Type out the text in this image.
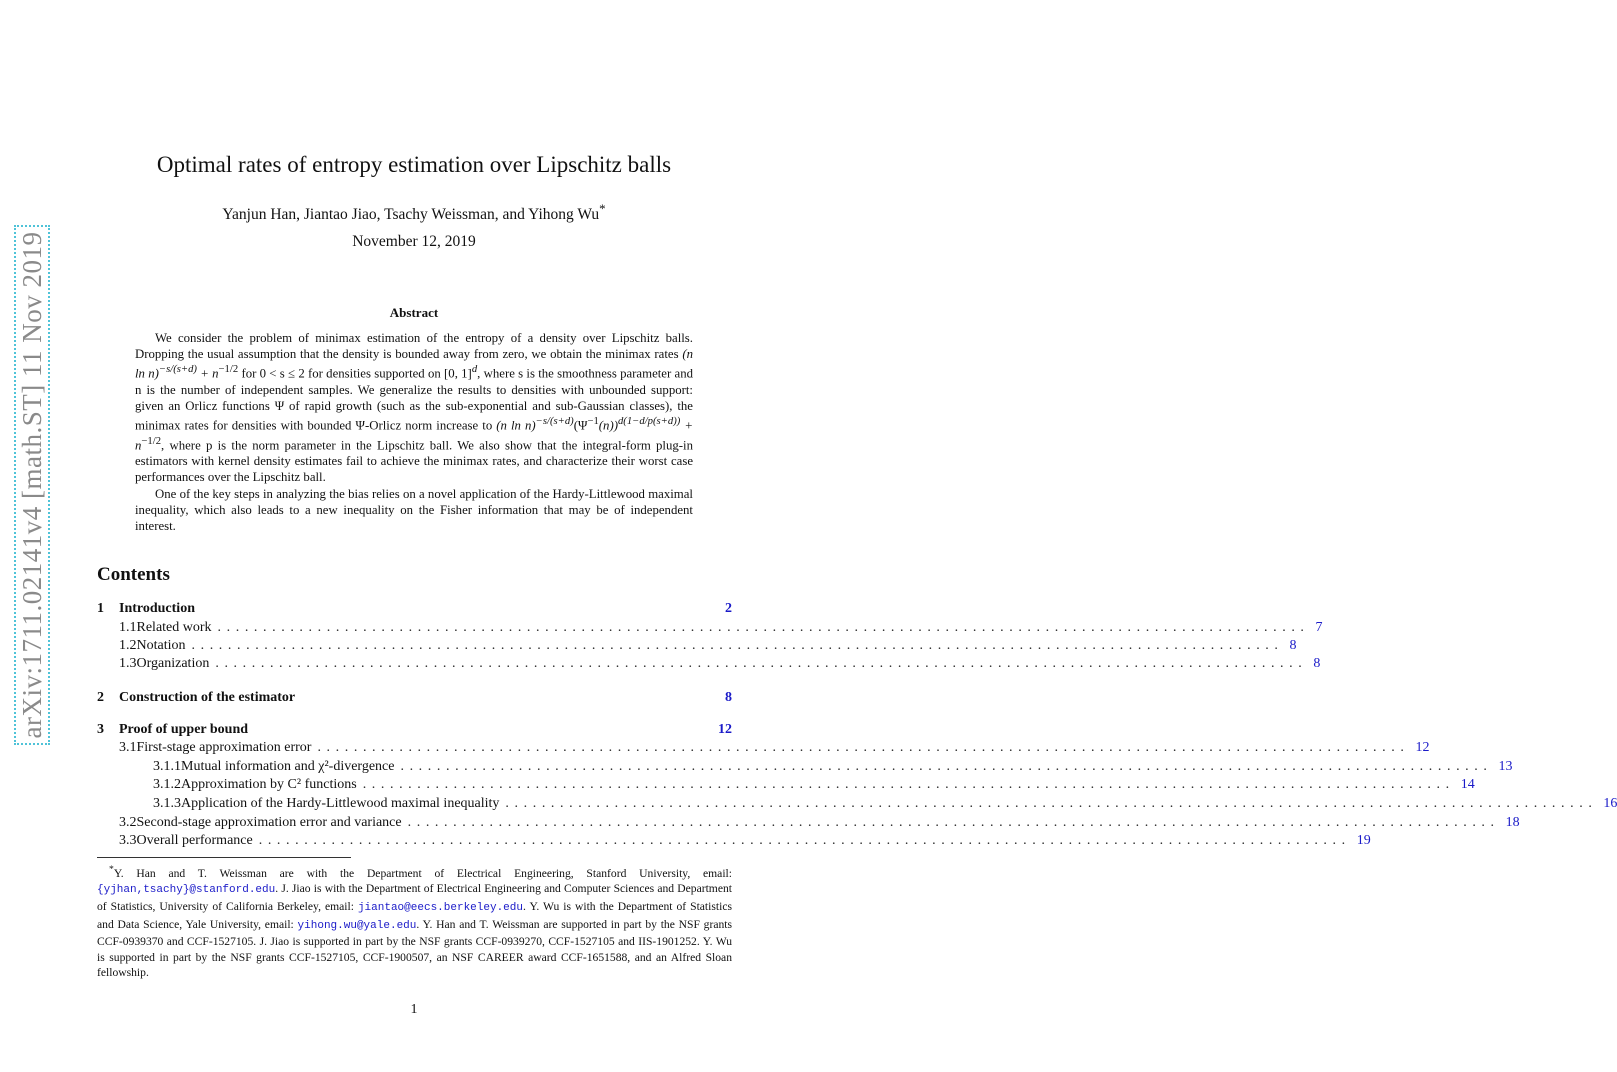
arXiv:1711.02141v4 [math.ST] 11 Nov 2019
Optimal rates of entropy estimation over Lipschitz balls
Yanjun Han, Jiantao Jiao, Tsachy Weissman, and Yihong Wu*
November 12, 2019
Abstract

We consider the problem of minimax estimation of the entropy of a density over Lipschitz balls. Dropping the usual assumption that the density is bounded away from zero, we obtain the minimax rates (n $\ln n)^{-s/(s+d)} + n^{-1/2}$ for 0 < s ≤ 2 for densities supported on [0, 1]$^d$, where s is the smoothness parameter and n is the number of independent samples. We generalize the results to densities with unbounded support: given an Orlicz functions Ψ of rapid growth (such as the sub-exponential and sub-Gaussian classes), the minimax rates for densities with bounded Ψ-Orlicz norm increase to (n $\ln n)^{-s/(s+d)}(\Psi^{-1}(n))^{d(1-d/p(s+d))} + n^{-1/2}$, where p is the norm parameter in the Lipschitz ball. We also show that the integral-form plug-in estimators with kernel density estimates fail to achieve the minimax rates, and characterize their worst case performances over the Lipschitz ball.

One of the key steps in analyzing the bias relies on a novel application of the Hardy-Littlewood maximal inequality, which also leads to a new inequality on the Fisher information that may be of independent interest.

Contents
1	Introduction	2
1.1 Related work ........................................................................................................................ 7
1.2 Notation ........................................................................................................................ 8
1.3 Organization ........................................................................................................................ 8
2	Construction of the estimator	8
3	Proof of upper bound	12
3.1 First-stage approximation error ........................................................................................................................ 12
3.1.1 Mutual information and χ²-divergence ........................................................................................................................ 13
3.1.2 Approximation by C² functions ........................................................................................................................ 14
3.1.3 Application of the Hardy-Littlewood maximal inequality ........................................................................................................................ 16
3.2 Second-stage approximation error and variance ........................................................................................................................ 18
3.3 Overall performance ........................................................................................................................ 19

*Y. Han and T. Weissman are with the Department of Electrical Engineering, Stanford University, email: {yjhan,tsachy}@stanford.edu. J. Jiao is with the Department of Electrical Engineering and Computer Sciences and Department of Statistics, University of California Berkeley, email: jiantao@eecs.berkeley.edu. Y. Wu is with the Department of Statistics and Data Science, Yale University, email: yihong.wu@yale.edu. Y. Han and T. Weissman are supported in part by the NSF grants CCF-0939370 and CCF-1527105. J. Jiao is supported in part by the NSF grants CCF-0939270, CCF-1527105 and IIS-1901252. Y. Wu is supported in part by the NSF grants CCF-1527105, CCF-1900507, an NSF CAREER award CCF-1651588, and an Alfred Sloan fellowship.

1
